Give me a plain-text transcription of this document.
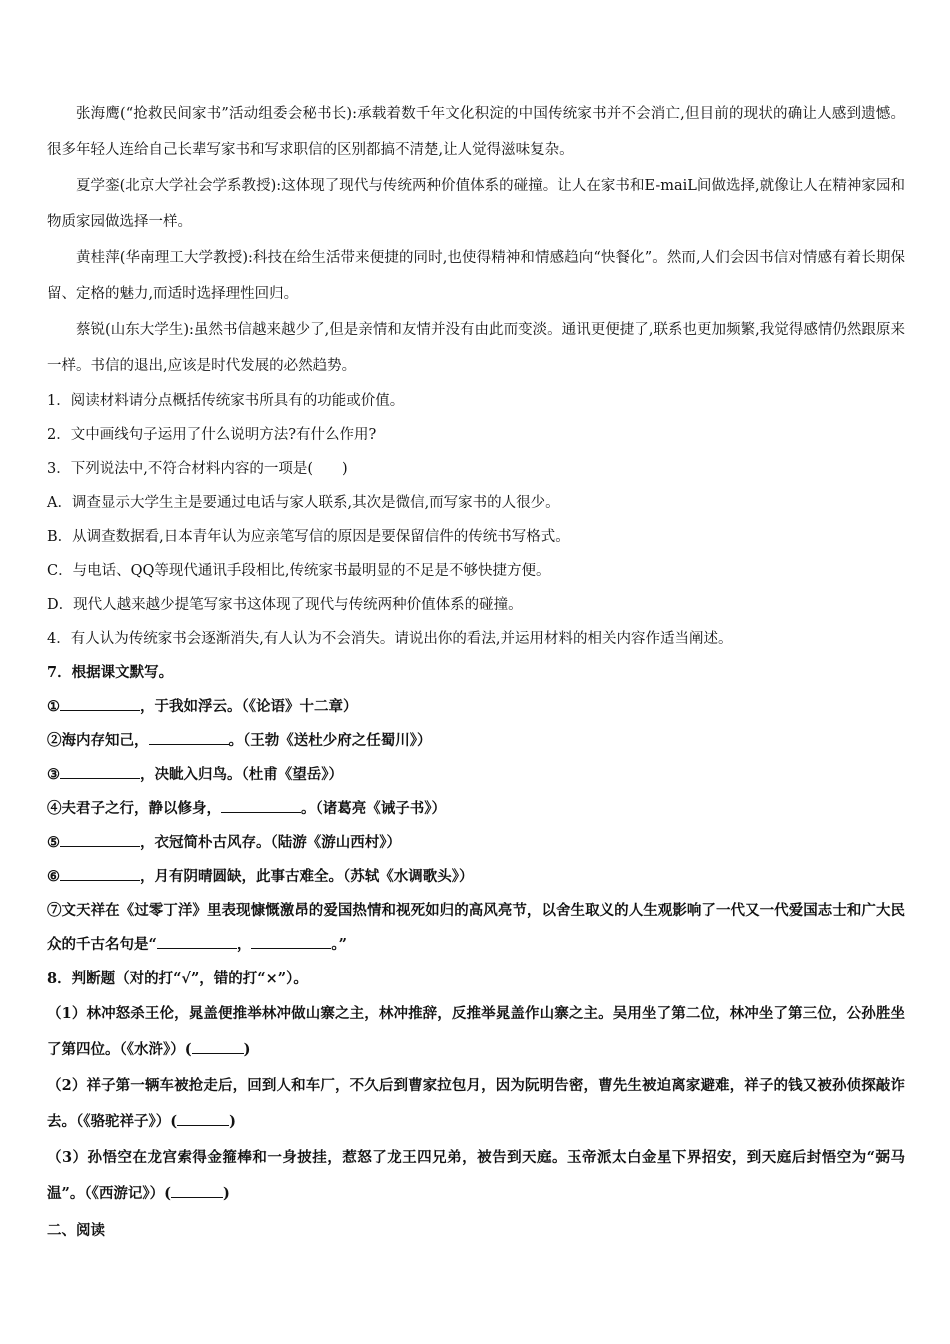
张海鹰(“抢救民间家书”活动组委会秘书长):承载着数千年文化积淀的中国传统家书并不会消亡,但目前的现状的确让人感到遗憾。很多年轻人连给自己长辈写家书和写求职信的区别都搞不清楚,让人觉得滋味复杂。

夏学銮(北京大学社会学系教授):这体现了现代与传统两种价值体系的碰撞。让人在家书和E-maiL间做选择,就像让人在精神家园和物质家园做选择一样。

黄桂萍(华南理工大学教授):科技在给生活带来便捷的同时,也使得精神和情感趋向“快餐化”。然而,人们会因书信对情感有着长期保留、定格的魅力,而适时选择理性回归。

蔡锐(山东大学生):虽然书信越来越少了,但是亲情和友情并没有由此而变淡。通讯更便捷了,联系也更加频繁,我觉得感情仍然跟原来一样。书信的退出,应该是时代发展的必然趋势。

1．阅读材料请分点概括传统家书所具有的功能或价值。

2．文中画线句子运用了什么说明方法?有什么作用?

3．下列说法中,不符合材料内容的一项是(　　)

A．调查显示大学生主是要通过电话与家人联系,其次是微信,而写家书的人很少。

B．从调查数据看,日本青年认为应亲笔写信的原因是要保留信件的传统书写格式。

C．与电话、QQ等现代通讯手段相比,传统家书最明显的不足是不够快捷方便。

D．现代人越来越少提笔写家书这体现了现代与传统两种价值体系的碰撞。

4．有人认为传统家书会逐渐消失,有人认为不会消失。请说出你的看法,并运用材料的相关内容作适当阐述。

7．根据课文默写。

①	，于我如浮云。（《论语》十二章）

②海内存知己，	。（王勃《送杜少府之任蜀川》）

③	，决眦入归鸟。（杜甫《望岳》）

④夫君子之行，静以修身，	。（诸葛亮《诫子书》）

⑤	，衣冠简朴古风存。（陆游《游山西村》）

⑥	，月有阴晴圆缺，此事古难全。（苏轼《水调歌头》）

⑦文天祥在《过零丁洋》里表现慷慨激昂的爱国热情和视死如归的高风亮节，以舍生取义的人生观影响了一代又一代爱国志士和广大民众的千古名句是“	，	。”

8．判断题（对的打“√”，错的打“×”）。

（1）林冲怒杀王伦，晁盖便推举林冲做山寨之主，林冲推辞，反推举晁盖作山寨之主。吴用坐了第二位，林冲坐了第三位，公孙胜坐了第四位。（《水浒》）(	)

（2）祥子第一辆车被抢走后，回到人和车厂，不久后到曹家拉包月，因为阮明告密，曹先生被迫离家避难，祥子的钱又被孙侦探敲诈去。（《骆驼祥子》）(	)

（3）孙悟空在龙宫索得金箍棒和一身披挂，惹怒了龙王四兄弟，被告到天庭。玉帝派太白金星下界招安，到天庭后封悟空为“弼马温”。（《西游记》）(	)

二、阅读
